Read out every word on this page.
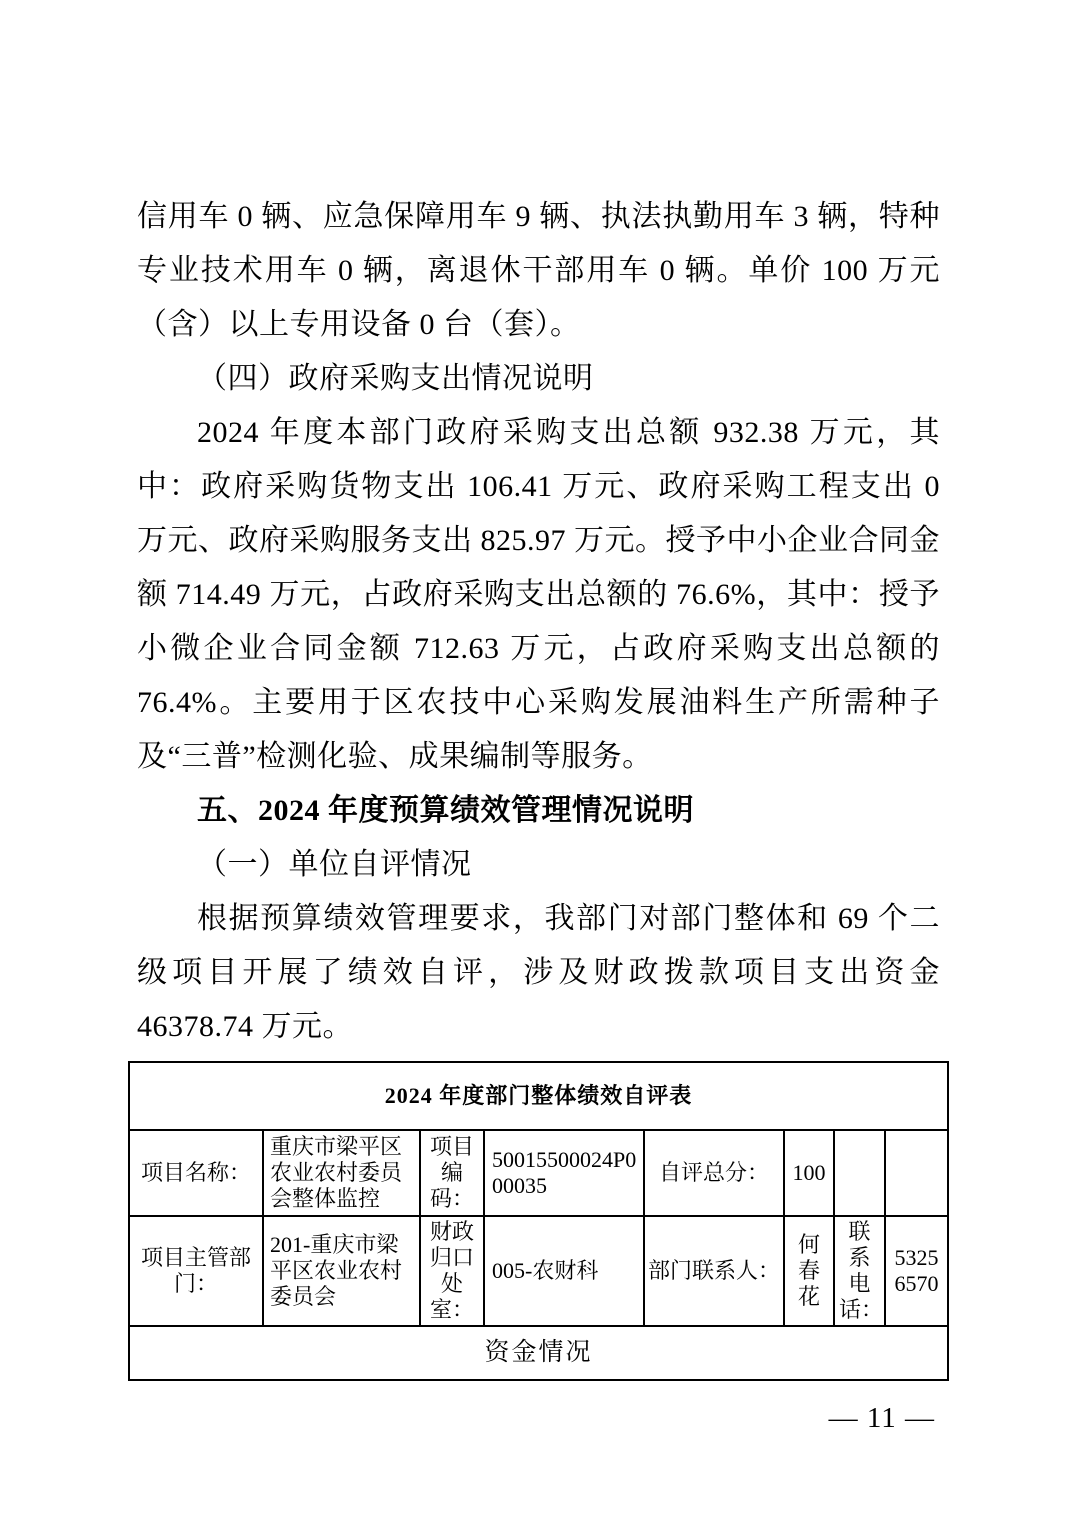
信用车 0 辆、应急保障用车 9 辆、执法执勤用车 3 辆，特种专业技术用车 0 辆，离退休干部用车 0 辆。单价 100 万元（含）以上专用设备 0 台（套）。

（四）政府采购支出情况说明

2024 年度本部门政府采购支出总额 932.38 万元，其中：政府采购货物支出 106.41 万元、政府采购工程支出 0 万元、政府采购服务支出 825.97 万元。授予中小企业合同金额 714.49 万元，占政府采购支出总额的 76.6%，其中：授予小微企业合同金额 712.63 万元，占政府采购支出总额的 76.4%。主要用于区农技中心采购发展油料生产所需种子及“三普”检测化验、成果编制等服务。

五、2024 年度预算绩效管理情况说明

（一）单位自评情况

根据预算绩效管理要求，我部门对部门整体和 69 个二级项目开展了绩效自评，涉及财政拨款项目支出资金 46378.74 万元。

2024 年度部门整体绩效自评表							
项目名称：	重庆市梁平区农业农村委员会整体监控	项目编码：	50015500024P000035	自评总分：	100		
项目主管部门：	201-重庆市梁平区农业农村委员会	财政归口处室：	005-农财科	部门联系人：	何春花	联系电话：	53256570
资金情况							
— 11 —
